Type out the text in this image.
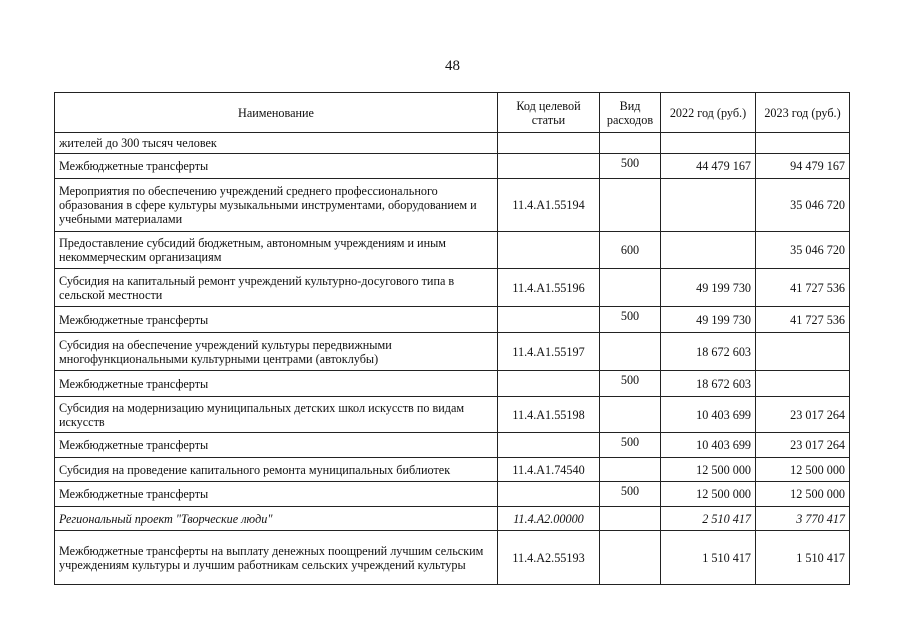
48
Наименование	Код целевой статьи	Вид расходов	2022 год (руб.)	2023 год (руб.)
жителей до 300 тысяч человек				
Межбюджетные трансферты		500	44 479 167	94 479 167
Мероприятия по обеспечению учреждений среднего профессионального образования в сфере культуры музыкальными инструментами, оборудованием и учебными материалами	11.4.А1.55194			35 046 720
Предоставление субсидий бюджетным, автономным учреждениям и иным некоммерческим организациям		600		35 046 720
Субсидия на капитальный ремонт учреждений культурно-досугового типа в сельской местности	11.4.А1.55196		49 199 730	41 727 536
Межбюджетные трансферты		500	49 199 730	41 727 536
Субсидия на обеспечение учреждений культуры передвижными многофункциональными культурными центрами (автоклубы)	11.4.А1.55197		18 672 603	
Межбюджетные трансферты		500	18 672 603	
Субсидия на модернизацию муниципальных детских школ искусств по видам искусств	11.4.А1.55198		10 403 699	23 017 264
Межбюджетные трансферты		500	10 403 699	23 017 264
Субсидия на проведение капитального ремонта муниципальных библиотек	11.4.А1.74540		12 500 000	12 500 000
Межбюджетные трансферты		500	12 500 000	12 500 000
Региональный проект "Творческие люди"	11.4.А2.00000		2 510 417	3 770 417
Межбюджетные трансферты на выплату денежных поощрений лучшим сельским учреждениям культуры и лучшим работникам сельских учреждений культуры	11.4.А2.55193		1 510 417	1 510 417
